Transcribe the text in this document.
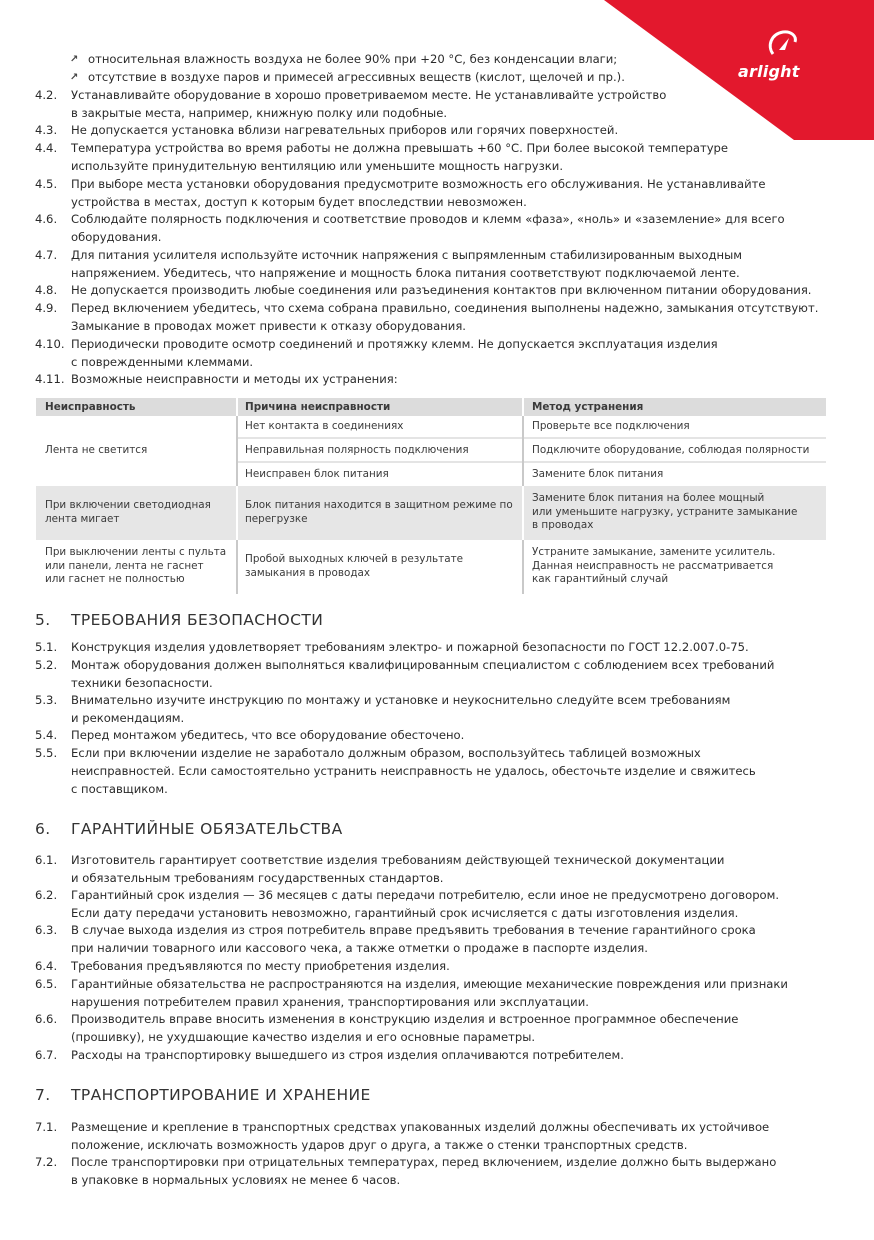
arlight
↗ относительная влажность воздуха не более 90% при +20 °С, без конденсации влаги;
↗ отсутствие в воздухе паров и примесей агрессивных веществ (кислот, щелочей и пр.).
4.2. Устанавливайте оборудование в хорошо проветриваемом месте. Не устанавливайте устройство
в закрытые места, например, книжную полку или подобные.
4.3. Не допускается установка вблизи нагревательных приборов или горячих поверхностей.
4.4. Температура устройства во время работы не должна превышать +60 °С. При более высокой температуре
используйте принудительную вентиляцию или уменьшите мощность нагрузки.
4.5. При выборе места установки оборудования предусмотрите возможность его обслуживания. Не устанавливайте
устройства в местах, доступ к которым будет впоследствии невозможен.
4.6. Соблюдайте полярность подключения и соответствие проводов и клемм «фаза», «ноль» и «заземление» для всего
оборудования.
4.7. Для питания усилителя используйте источник напряжения с выпрямленным стабилизированным выходным
напряжением. Убедитесь, что напряжение и мощность блока питания соответствуют подключаемой ленте.
4.8. Не допускается производить любые соединения или разъединения контактов при включенном питании оборудования.
4.9. Перед включением убедитесь, что схема собрана правильно, соединения выполнены надежно, замыкания отсутствуют.
Замыкание в проводах может привести к отказу оборудования.
4.10. Периодически проводите осмотр соединений и протяжку клемм. Не допускается эксплуатация изделия
с поврежденными клеммами.
4.11. Возможные неисправности и методы их устранения:
Неисправность	Причина неисправности	Метод устранения
Лента не светится
Нет контакта в соединениях
Неправильная полярность подключения
Неисправен блок питания
Проверьте все подключения
Подключите оборудование, соблюдая полярности
Замените блок питания
При включении светодиодная
лента мигает
Блок питания находится в защитном режиме по
перегрузке
Замените блок питания на более мощный
или уменьшите нагрузку, устраните замыкание
в проводах
При выключении ленты с пульта
или панели, лента не гаснет
или гаснет не полностью
Пробой выходных ключей в результате
замыкания в проводах
Устраните замыкание, замените усилитель.
Данная неисправность не рассматривается
как гарантийный случай
5. ТРЕБОВАНИЯ БЕЗОПАСНОСТИ
5.1. Конструкция изделия удовлетворяет требованиям электро- и пожарной безопасности по ГОСТ 12.2.007.0-75.
5.2. Монтаж оборудования должен выполняться квалифицированным специалистом с соблюдением всех требований
техники безопасности.
5.3. Внимательно изучите инструкцию по монтажу и установке и неукоснительно следуйте всем требованиям
и рекомендациям.
5.4. Перед монтажом убедитесь, что все оборудование обесточено.
5.5. Если при включении изделие не заработало должным образом, воспользуйтесь таблицей возможных
неисправностей. Если самостоятельно устранить неисправность не удалось, обесточьте изделие и свяжитесь
с поставщиком.
6. ГАРАНТИЙНЫЕ ОБЯЗАТЕЛЬСТВА
6.1. Изготовитель гарантирует соответствие изделия требованиям действующей технической документации
и обязательным требованиям государственных стандартов.
6.2. Гарантийный срок изделия — 36 месяцев с даты передачи потребителю, если иное не предусмотрено договором.
Если дату передачи установить невозможно, гарантийный срок исчисляется с даты изготовления изделия.
6.3. В случае выхода изделия из строя потребитель вправе предъявить требования в течение гарантийного срока
при наличии товарного или кассового чека, а также отметки о продаже в паспорте изделия.
6.4. Требования предъявляются по месту приобретения изделия.
6.5. Гарантийные обязательства не распространяются на изделия, имеющие механические повреждения или признаки
нарушения потребителем правил хранения, транспортирования или эксплуатации.
6.6. Производитель вправе вносить изменения в конструкцию изделия и встроенное программное обеспечение
(прошивку), не ухудшающие качество изделия и его основные параметры.
6.7. Расходы на транспортировку вышедшего из строя изделия оплачиваются потребителем.
7. ТРАНСПОРТИРОВАНИЕ И ХРАНЕНИЕ
7.1. Размещение и крепление в транспортных средствах упакованных изделий должны обеспечивать их устойчивое
положение, исключать возможность ударов друг о друга, а также о стенки транспортных средств.
7.2. После транспортировки при отрицательных температурах, перед включением, изделие должно быть выдержано
в упаковке в нормальных условиях не менее 6 часов.
